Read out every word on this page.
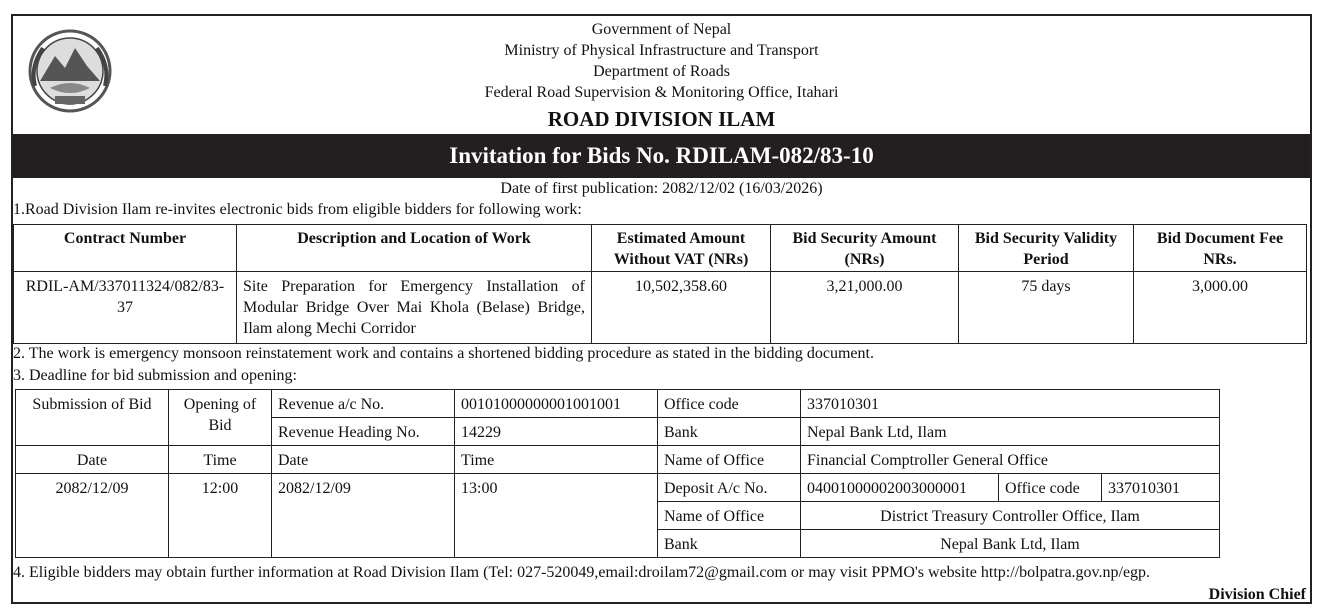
Government of Nepal
Ministry of Physical Infrastructure and Transport
Department of Roads
Federal Road Supervision & Monitoring Office, Itahari
ROAD DIVISION ILAM
Invitation for Bids No. RDILAM-082/83-10
Date of first publication: 2082/12/02 (16/03/2026)
1.Road Division Ilam re-invites electronic bids from eligible bidders for following work:
Contract Number	Description and Location of Work	Estimated Amount Without VAT (NRs)	Bid Security Amount (NRs)	Bid Security Validity Period	Bid Document Fee NRs.
RDIL-AM/337011324/082/83-37	Site Preparation for Emergency Installation of Modular Bridge Over Mai Khola (Belase) Bridge, Ilam along Mechi Corridor	10,502,358.60	3,21,000.00	75 days	3,000.00
2. The work is emergency monsoon reinstatement work and contains a shortened bidding procedure as stated in the bidding document.
3. Deadline for bid submission and opening:
Submission of Bid	Opening of Bid	Revenue a/c No.	00101000000001001001	Office code	337010301		
		Revenue Heading No.	14229	Bank	Nepal Bank Ltd, Ilam		
Date	Time	Date	Time	Name of Office	Financial Comptroller General Office		
2082/12/09	12:00	2082/12/09	13:00	Deposit A/c No.	04001000002003000001	Office code	337010301
				Name of Office	District Treasury Controller Office, Ilam		
				Bank	Nepal Bank Ltd, Ilam		
4. Eligible bidders may obtain further information at Road Division Ilam (Tel: 027-520049,email:droilam72@gmail.com or may visit PPMO's website http://bolpatra.gov.np/egp.
Division Chief
